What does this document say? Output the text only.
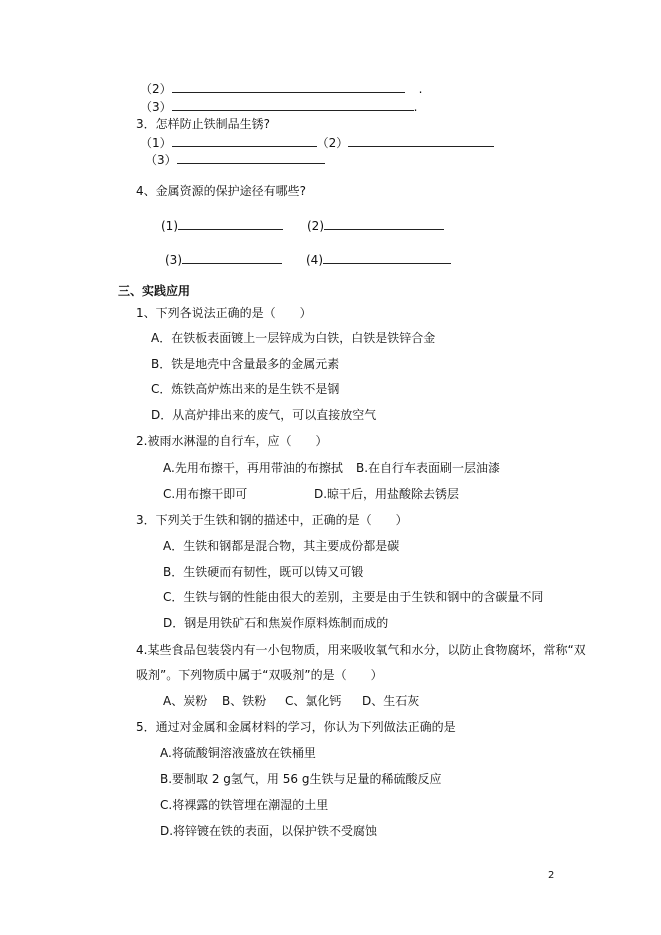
（2）	.
（3）	.
3．怎样防止铁制品生锈?
（1）	（2）
（3）
4、金属资源的保护途径有哪些?
(1)	(2)
(3)	(4)
三、实践应用
1、下列各说法正确的是（　　）
A．在铁板表面镀上一层锌成为白铁，白铁是铁锌合金
B．铁是地壳中含量最多的金属元素
C．炼铁高炉炼出来的是生铁不是钢
D．从高炉排出来的废气，可以直接放空气
2.被雨水淋湿的自行车，应（　　）
A.先用布擦干，再用带油的布擦拭 B.在自行车表面刷一层油漆
C.用布擦干即可	D.晾干后，用盐酸除去锈层
3．下列关于生铁和钢的描述中，正确的是（　　）
A．生铁和钢都是混合物，其主要成份都是碳
B．生铁硬而有韧性，既可以铸又可锻
C．生铁与钢的性能由很大的差别，主要是由于生铁和钢中的含碳量不同
D．钢是用铁矿石和焦炭作原料炼制而成的
4.某些食品包装袋内有一小包物质，用来吸收氧气和水分，以防止食物腐坏，常称“双
吸剂”。下列物质中属于“双吸剂”的是（　　）
A、炭粉 B、铁粉 C、氯化钙 D、生石灰
5．通过对金属和金属材料的学习，你认为下列做法正确的是
A.将硫酸铜溶液盛放在铁桶里
B.要制取 2 g氢气，用 56 g生铁与足量的稀硫酸反应
C.将裸露的铁管埋在潮湿的土里
D.将锌镀在铁的表面，以保护铁不受腐蚀
2
